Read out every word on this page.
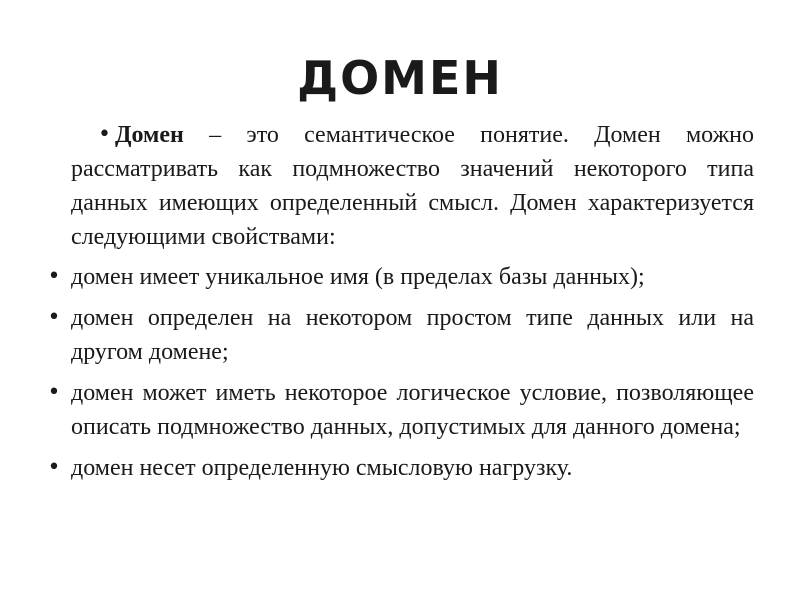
ДОМЕН
• Домен – это семантическое понятие. Домен можно рассматривать как подмножество значений некоторого типа данных имеющих определенный смысл. Домен характеризуется следующими свойствами:
• домен имеет уникальное имя (в пределах базы данных);
• домен определен на некотором простом типе данных или на другом домене;
• домен может иметь некоторое логическое условие, позволяющее описать подмножество данных, допустимых для данного домена;
• домен несет определенную смысловую нагрузку.
